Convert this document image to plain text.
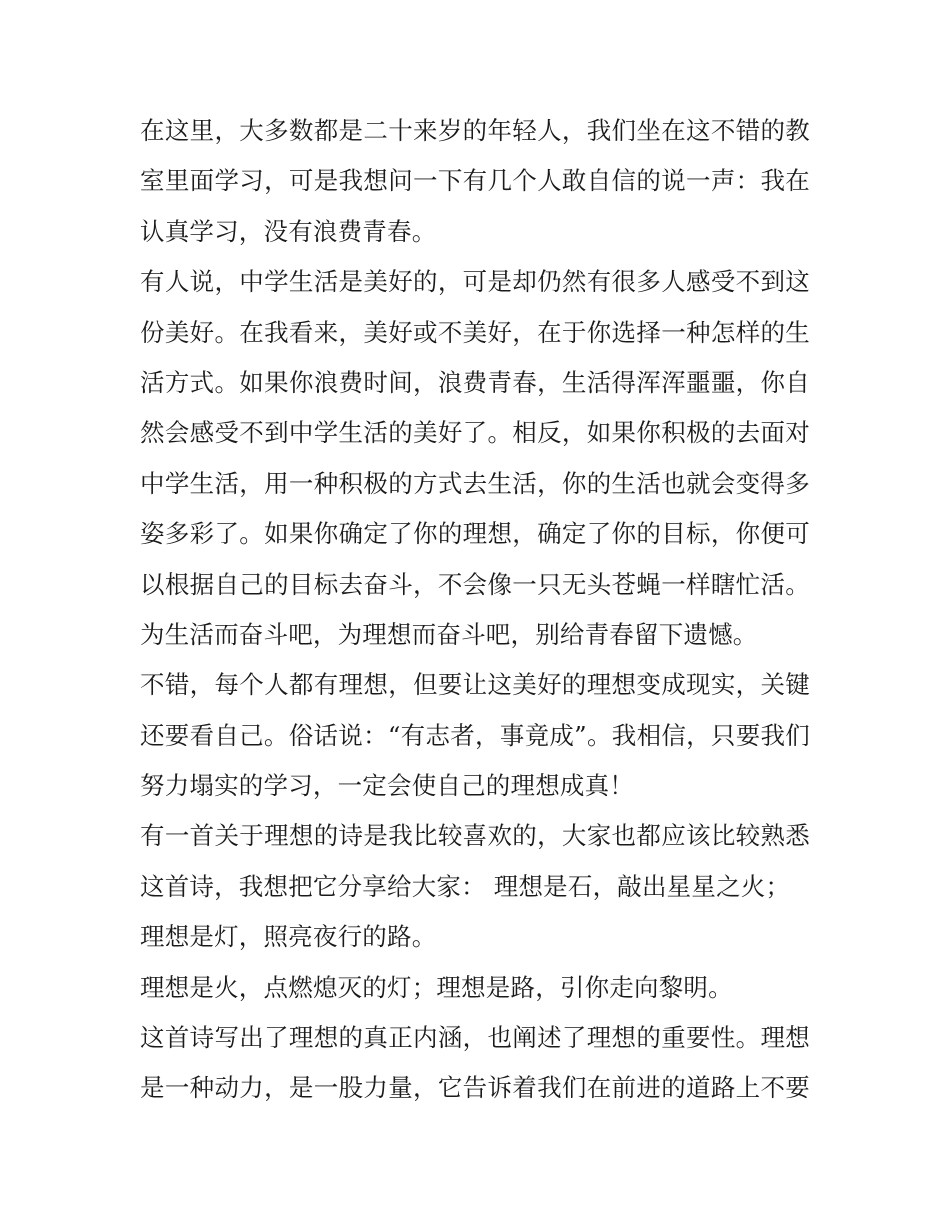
在这里，大多数都是二十来岁的年轻人，我们坐在这不错的教
室里面学习，可是我想问一下有几个人敢自信的说一声：我在
认真学习，没有浪费青春。
有人说，中学生活是美好的，可是却仍然有很多人感受不到这
份美好。在我看来，美好或不美好，在于你选择一种怎样的生
活方式。如果你浪费时间，浪费青春，生活得浑浑噩噩，你自
然会感受不到中学生活的美好了。相反，如果你积极的去面对
中学生活，用一种积极的方式去生活，你的生活也就会变得多
姿多彩了。如果你确定了你的理想，确定了你的目标，你便可
以根据自己的目标去奋斗，不会像一只无头苍蝇一样瞎忙活。
为生活而奋斗吧，为理想而奋斗吧，别给青春留下遗憾。
不错，每个人都有理想，但要让这美好的理想变成现实，关键
还要看自己。俗话说：“有志者，事竟成”。我相信，只要我们
努力塌实的学习，一定会使自己的理想成真！
有一首关于理想的诗是我比较喜欢的，大家也都应该比较熟悉
这首诗，我想把它分享给大家： 理想是石，敲出星星之火；
理想是灯，照亮夜行的路。
理想是火，点燃熄灭的灯；理想是路，引你走向黎明。
这首诗写出了理想的真正内涵，也阐述了理想的重要性。理想
是一种动力，是一股力量，它告诉着我们在前进的道路上不要
